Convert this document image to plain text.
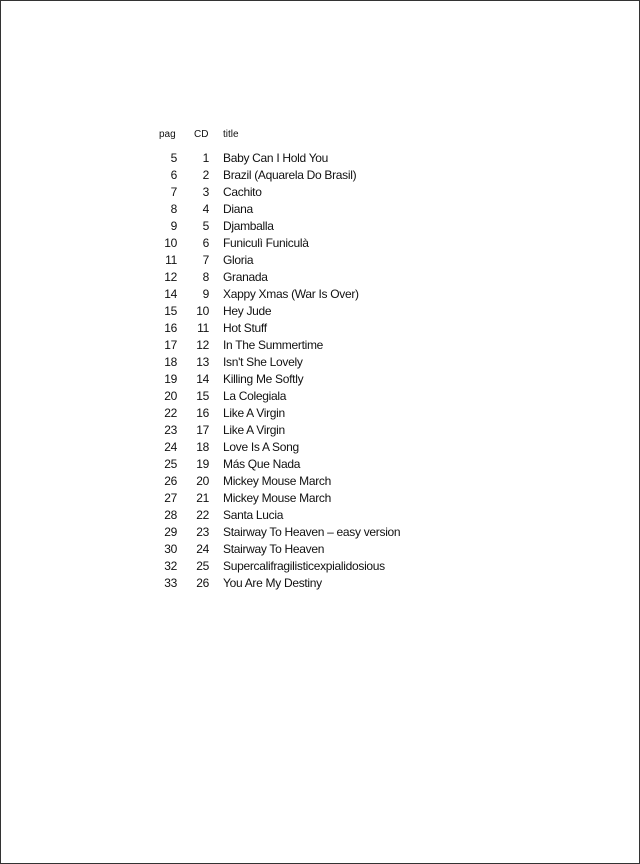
pag CD title
5	1 Baby Can I Hold You
6	2 Brazil (Aquarela Do Brasil)
7	3 Cachito
8	4 Diana
9	5 Djamballa
10	6 Funiculì Funiculà
11	7 Gloria
12	8 Granada
14	9 Xappy Xmas (War Is Over)
15	10 Hey Jude
16	11 Hot Stuff
17	12 In The Summertime
18	13 Isn't She Lovely
19	14 Killing Me Softly
20	15 La Colegiala
22	16 Like A Virgin
23	17 Like A Virgin
24	18 Love Is A Song
25	19 Más Que Nada
26	20 Mickey Mouse March
27	21 Mickey Mouse March
28	22 Santa Lucia
29	23 Stairway To Heaven – easy version
30	24 Stairway To Heaven
32	25 Supercalifragilisticexpialidosious
33	26 You Are My Destiny
